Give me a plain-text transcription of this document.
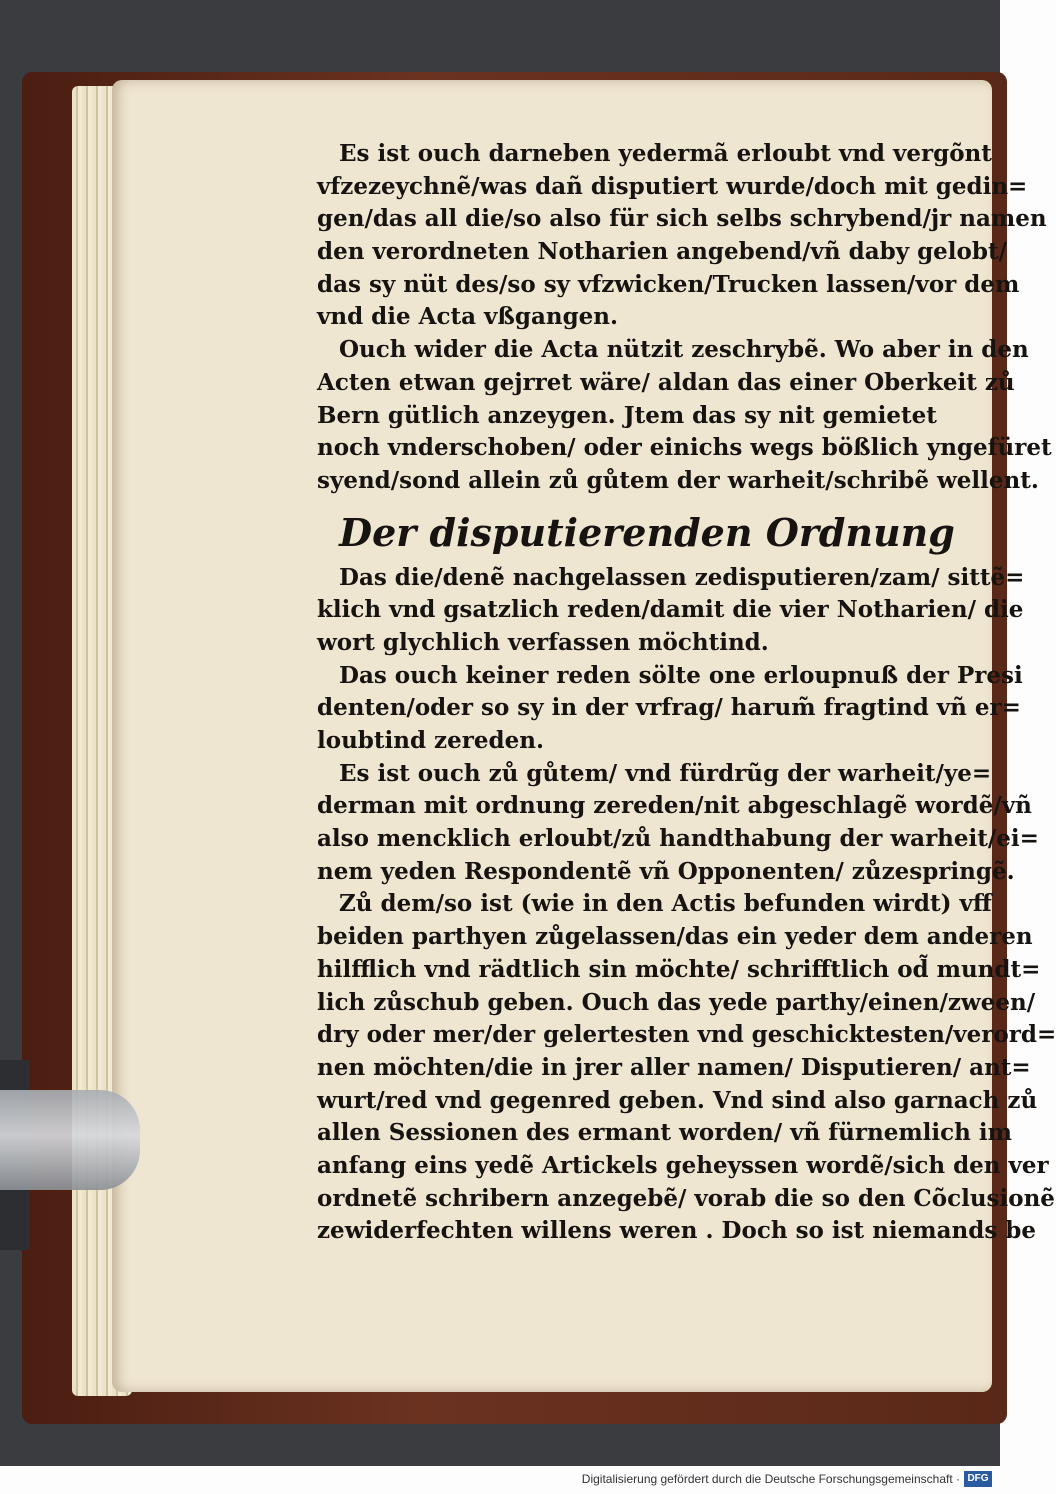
Es ist ouch darneben yedermã erloubt vnd vergõnt
vfzezeychnẽ/was dañ disputiert wurde/doch mit gedin=
gen/das all die/so also für sich selbs schrybend/jr namen
den verordneten Notharien angebend/vñ daby gelobt/
das sy nüt des/so sy vfzwicken/Trucken lassen/vor dem
vnd die Acta vßgangen.
Ouch wider die Acta nützit zeschrybẽ. Wo aber in den
Acten etwan gejrret wäre/ aldan das einer Oberkeit zů
Bern gütlich anzeygen. Jtem das sy nit gemietet
noch vnderschoben/ oder einichs wegs bößlich yngefüret
syend/sond allein zů gůtem der warheit/schribẽ wellent.
Der disputierenden Ordnung
Das die/denẽ nachgelassen zedisputieren/zam/ sittẽ=
klich vnd gsatzlich reden/damit die vier Notharien/ die
wort glychlich verfassen möchtind.
Das ouch keiner reden sölte one erloupnuß der Presi
denten/oder so sy in der vrfrag/ harum̃ fragtind vñ er=
loubtind zereden.
Es ist ouch zů gůtem/ vnd fürdrũg der warheit/ye=
derman mit ordnung zereden/nit abgeschlagẽ wordẽ/vñ
also mencklich erloubt/zů handthabung der warheit/ei=
nem yeden Respondentẽ vñ Opponenten/ zůzespringẽ.
Zů dem/so ist (wie in den Actis befunden wirdt) vff
beiden parthyen zůgelassen/das ein yeder dem anderen
hilfflich vnd rädtlich sin möchte/ schrifftlich od̃ mundt=
lich zůschub geben. Ouch das yede parthy/einen/zween/
dry oder mer/der gelertesten vnd geschicktesten/verord=
nen möchten/die in jrer aller namen/ Disputieren/ ant=
wurt/red vnd gegenred geben. Vnd sind also garnach zů
allen Sessionen des ermant worden/ vñ fürnemlich im
anfang eins yedẽ Artickels geheyssen wordẽ/sich den ver
ordnetẽ schribern anzegebẽ/ vorab die so den Cõclusionẽ
zewiderfechten willens weren . Doch so ist niemands be
Digitalisierung gefördert durch die Deutsche Forschungsgemeinschaft · DFG
